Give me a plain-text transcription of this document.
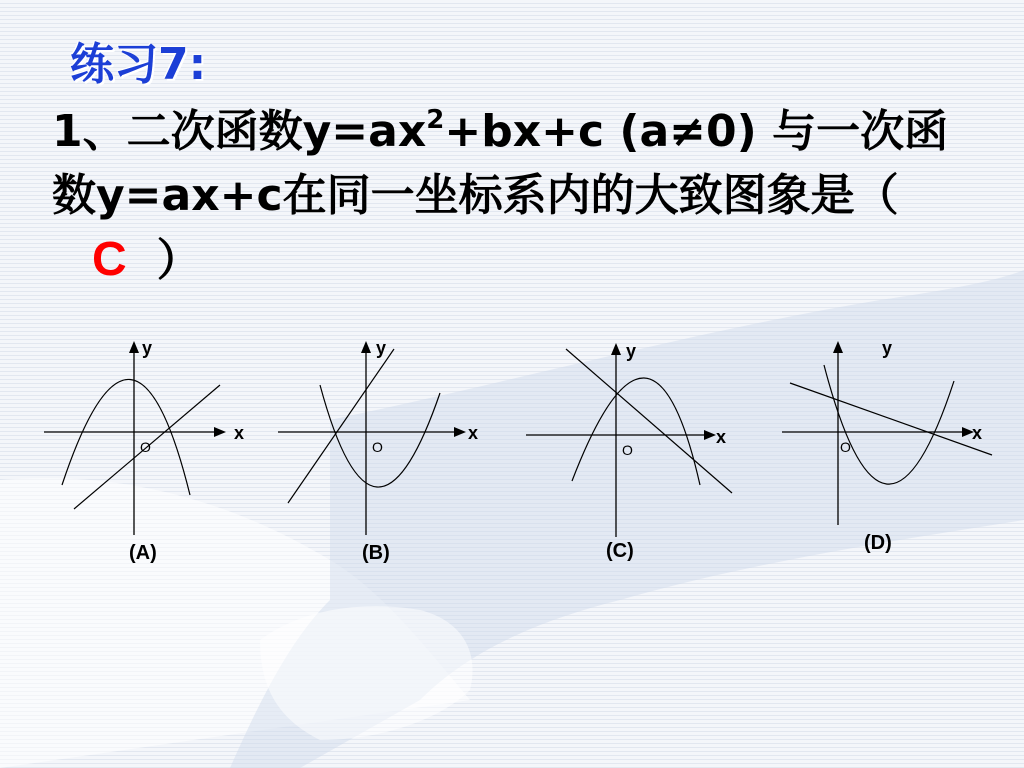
练习7:

1、二次函数$y=ax^2+bx+c$ (a≠0) 与一次函数y=ax+c在同一坐标系内的大致图象是（C ）

y
x
O
(A)
y
x
O
(B)
y
x
O
(C)
y
x
O
(D)
